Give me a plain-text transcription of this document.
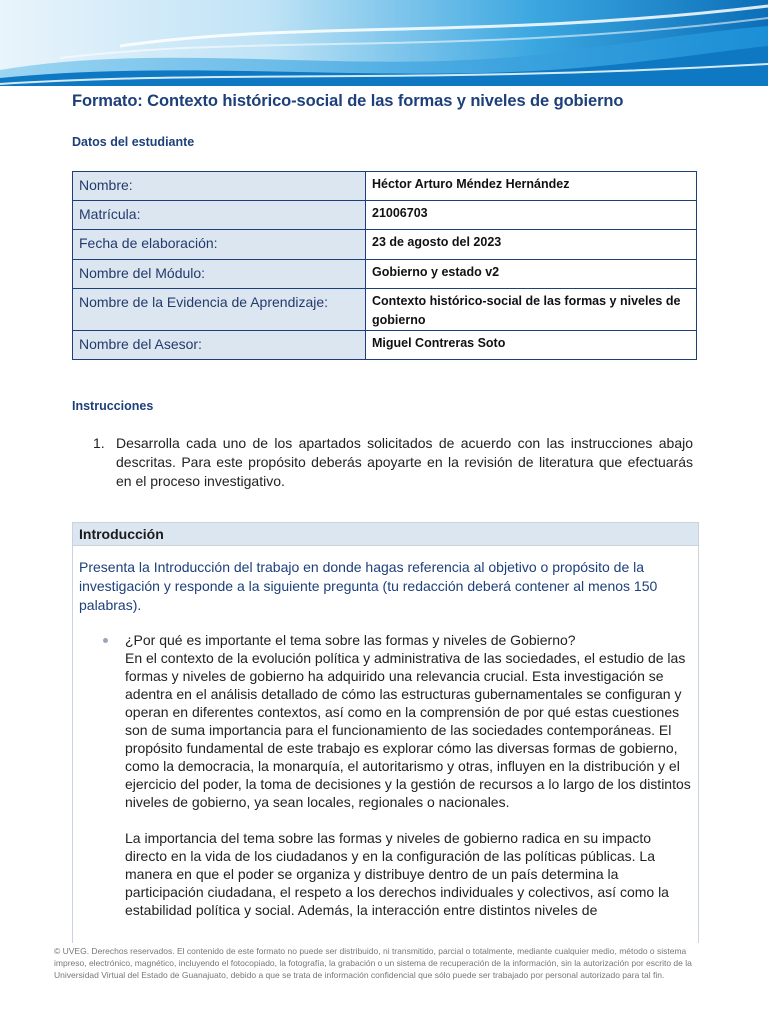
Formato: Contexto histórico-social de las formas y niveles de gobierno
Datos del estudiante
Nombre:	Héctor Arturo Méndez Hernández
Matrícula:	21006703
Fecha de elaboración:	23 de agosto del 2023
Nombre del Módulo:	Gobierno y estado v2
Nombre de la Evidencia de Aprendizaje:	Contexto histórico-social de las formas y niveles de gobierno
Nombre del Asesor:	Miguel Contreras Soto
Instrucciones
1. Desarrolla cada uno de los apartados solicitados de acuerdo con las instrucciones abajo descritas. Para este propósito deberás apoyarte en la revisión de literatura que efectuarás en el proceso investigativo.
Introducción
Presenta la Introducción del trabajo en donde hagas referencia al objetivo o propósito de la investigación y responde a la siguiente pregunta (tu redacción deberá contener al menos 150 palabras).

¿Por qué es importante el tema sobre las formas y niveles de Gobierno?
En el contexto de la evolución política y administrativa de las sociedades, el estudio de las formas y niveles de gobierno ha adquirido una relevancia crucial. Esta investigación se adentra en el análisis detallado de cómo las estructuras gubernamentales se configuran y operan en diferentes contextos, así como en la comprensión de por qué estas cuestiones son de suma importancia para el funcionamiento de las sociedades contemporáneas. El propósito fundamental de este trabajo es explorar cómo las diversas formas de gobierno, como la democracia, la monarquía, el autoritarismo y otras, influyen en la distribución y el ejercicio del poder, la toma de decisiones y la gestión de recursos a lo largo de los distintos niveles de gobierno, ya sean locales, regionales o nacionales.

La importancia del tema sobre las formas y niveles de gobierno radica en su impacto directo en la vida de los ciudadanos y en la configuración de las políticas públicas. La manera en que el poder se organiza y distribuye dentro de un país determina la participación ciudadana, el respeto a los derechos individuales y colectivos, así como la estabilidad política y social. Además, la interacción entre distintos niveles de

© UVEG. Derechos reservados. El contenido de este formato no puede ser distribuido, ni transmitido, parcial o totalmente, mediante cualquier medio, método o sistema impreso, electrónico, magnético, incluyendo el fotocopiado, la fotografía, la grabación o un sistema de recuperación de la información, sin la autorización por escrito de la Universidad Virtual del Estado de Guanajuato, debido a que se trata de información confidencial que sólo puede ser trabajado por personal autorizado para tal fin.
